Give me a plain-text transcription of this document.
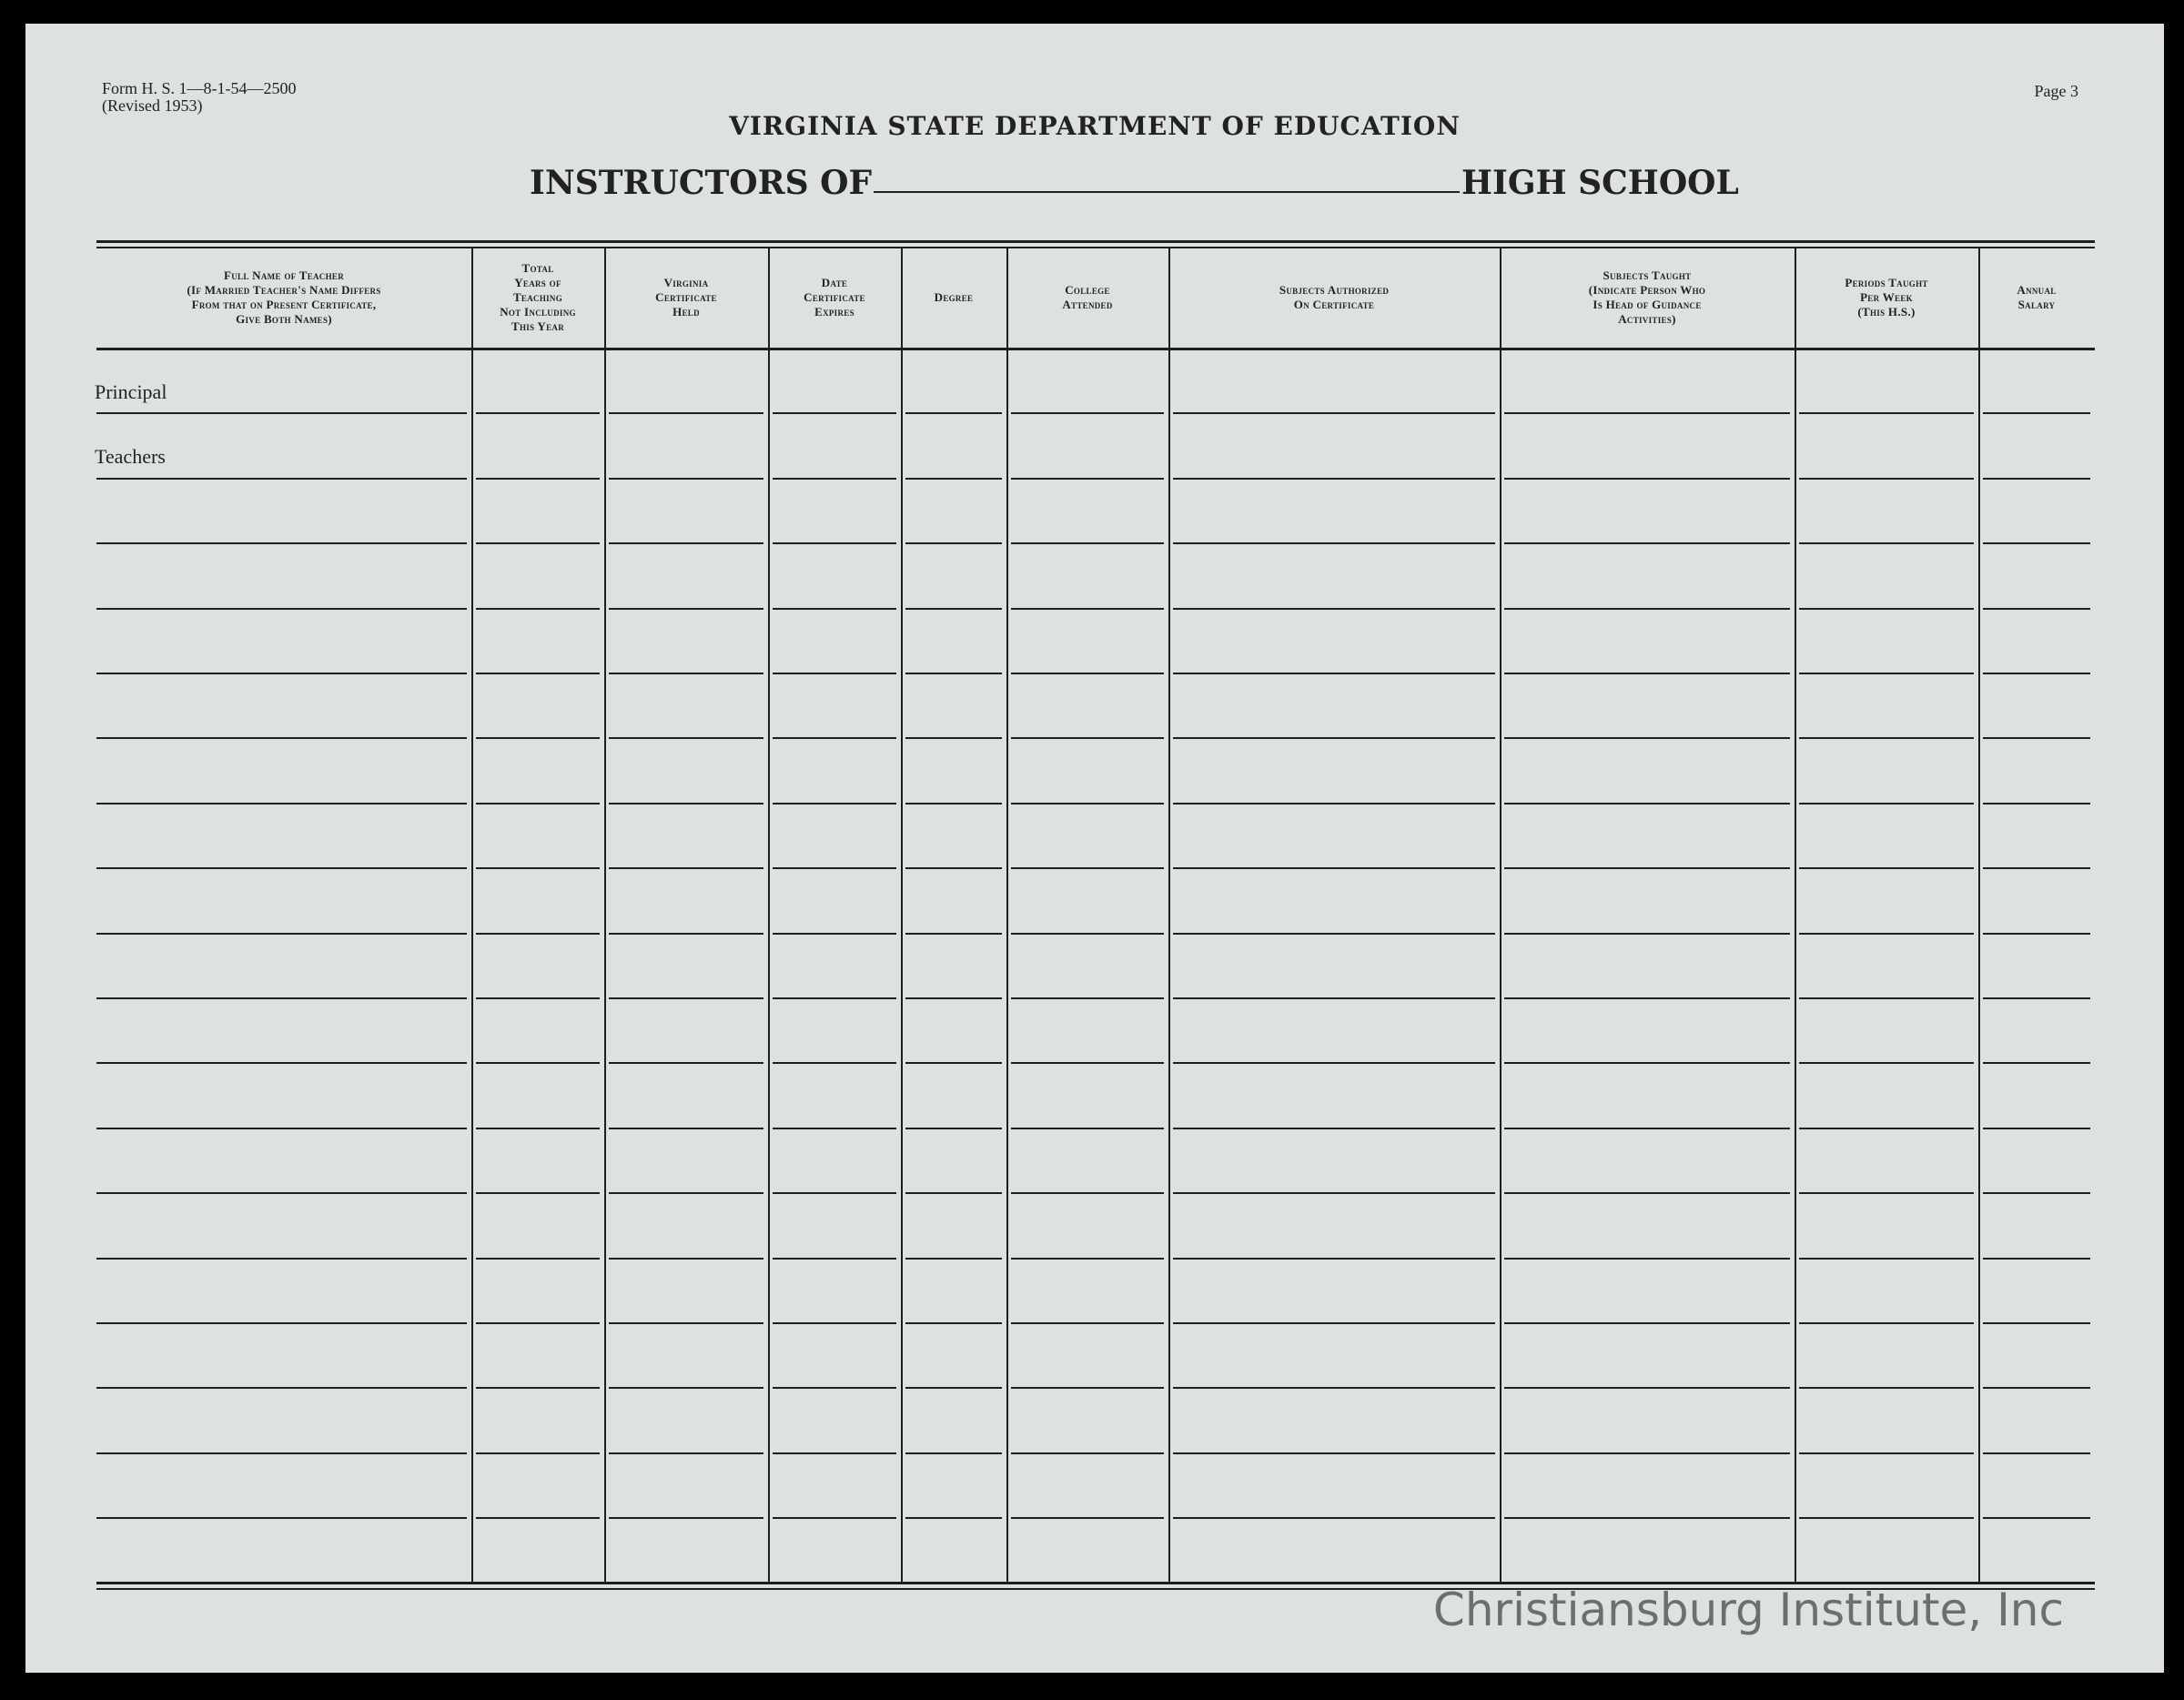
Form H. S. 1—8-1-54—2500
(Revised 1953)
Page 3
VIRGINIA STATE DEPARTMENT OF EDUCATION
INSTRUCTORS OF	HIGH SCHOOL
Full Name of Teacher
(If Married Teacher's Name Differs
From that on Present Certificate,
Give Both Names)
Total
Years of
Teaching
Not Including
This Year
Virginia
Certificate
Held
Date
Certificate
Expires
Degree
College
Attended
Subjects Authorized
On Certificate
Subjects Taught
(Indicate Person Who
Is Head of Guidance
Activities)
Periods Taught
Per Week
(This H.S.)
Annual
Salary
Principal
Teachers
Christiansburg Institute, Inc
